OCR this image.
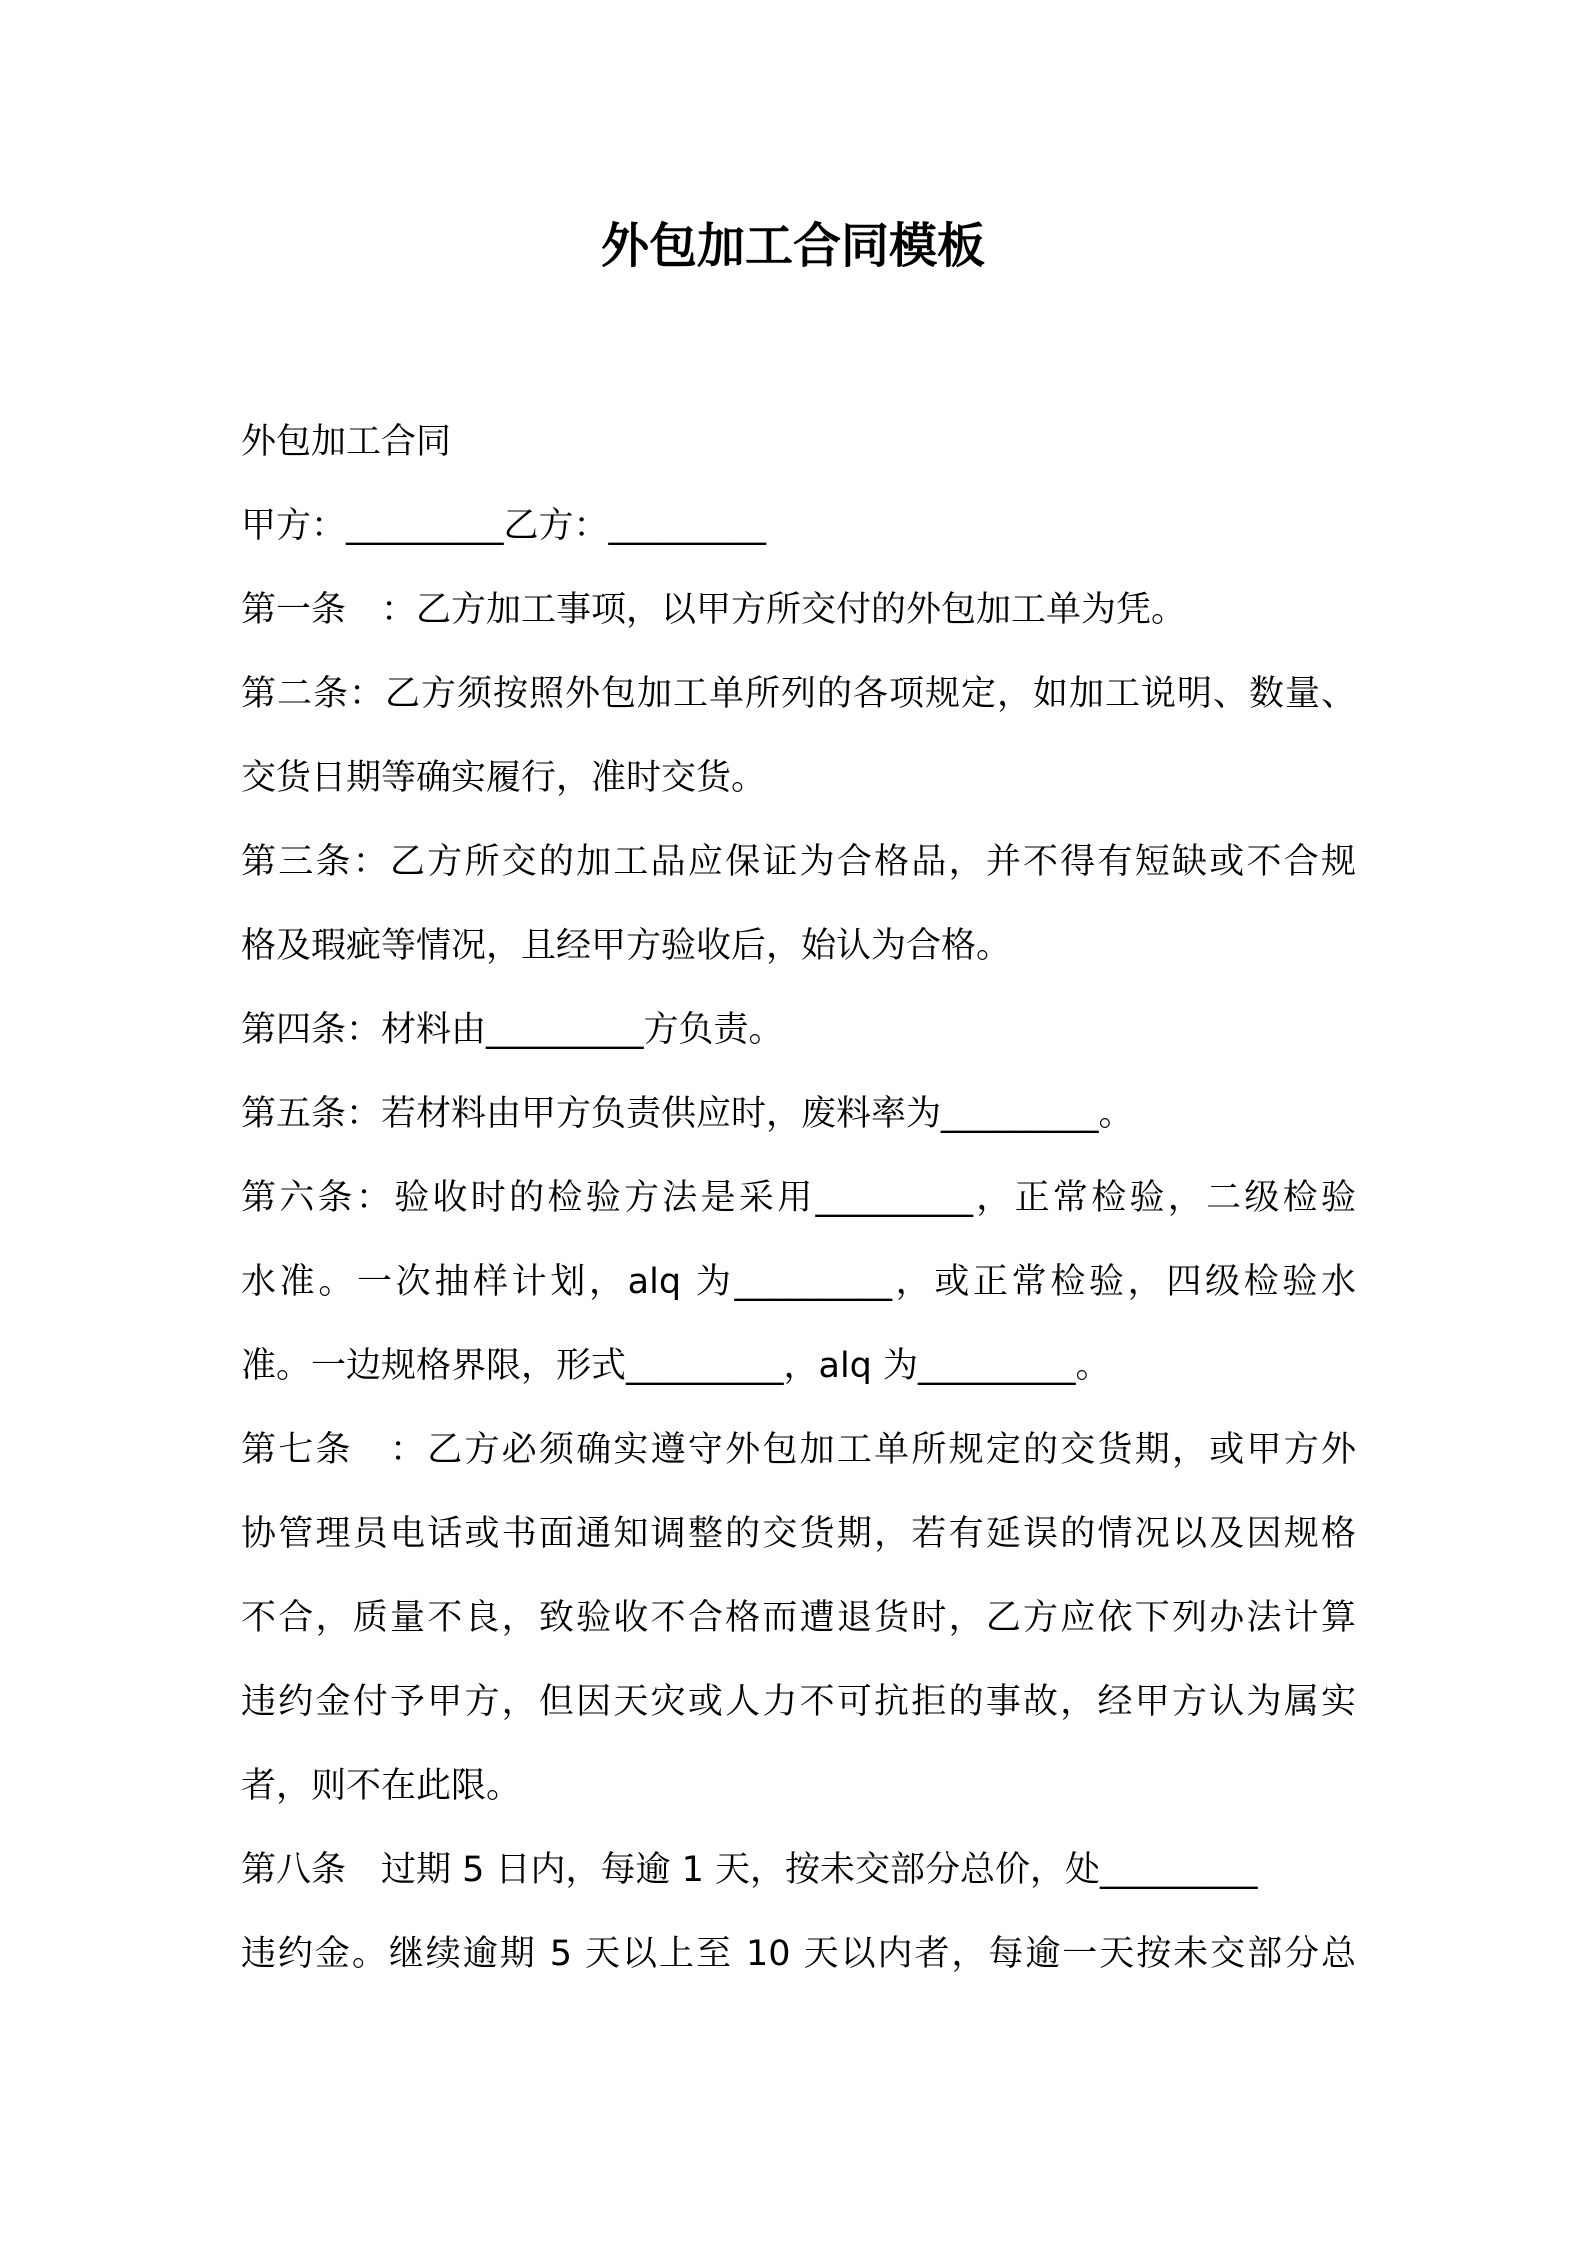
外包加工合同模板
外包加工合同
甲方：_________乙方：_________
第一条　：乙方加工事项，以甲方所交付的外包加工单为凭。
第二条：乙方须按照外包加工单所列的各项规定，如加工说明、数量、
交货日期等确实履行，准时交货。
第三条：乙方所交的加工品应保证为合格品，并不得有短缺或不合规
格及瑕疵等情况，且经甲方验收后，始认为合格。
第四条：材料由_________方负责。
第五条：若材料由甲方负责供应时，废料率为_________。
第六条：验收时的检验方法是采用_________，正常检验，二级检验
水准。一次抽样计划，alq 为_________，或正常检验，四级检验水
准。一边规格界限，形式_________，alq 为_________。
第七条　：乙方必须确实遵守外包加工单所规定的交货期，或甲方外
协管理员电话或书面通知调整的交货期，若有延误的情况以及因规格
不合，质量不良，致验收不合格而遭退货时，乙方应依下列办法计算
违约金付予甲方，但因天灾或人力不可抗拒的事故，经甲方认为属实
者，则不在此限。
第八条　过期 5 日内，每逾 1 天，按未交部分总价，处_________
违约金。继续逾期 5 天以上至 10 天以内者，每逾一天按未交部分总
